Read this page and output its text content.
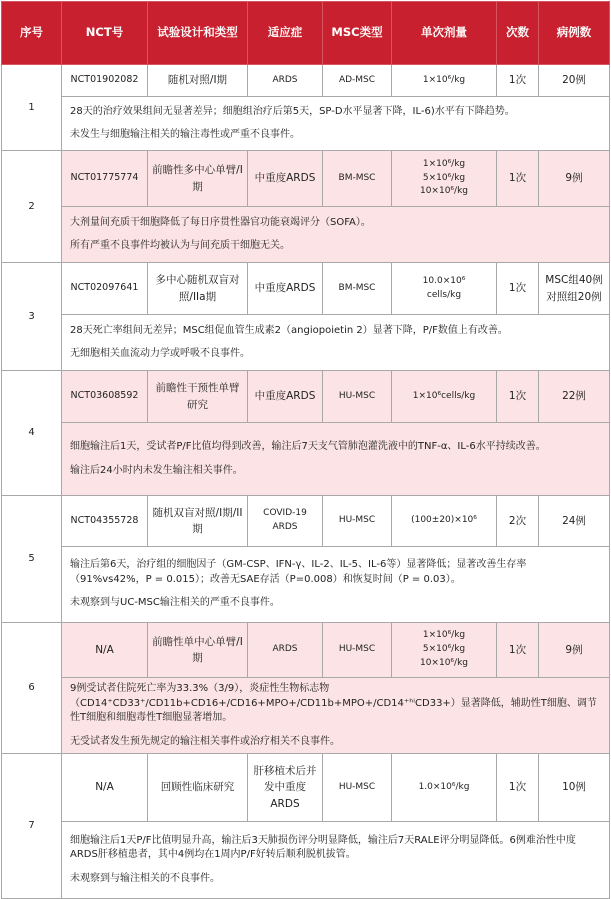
序号	NCT号	试验设计和类型	适应症	MSC类型	单次剂量	次数	病例数
1	NCT01902082	随机对照/I期	ARDS	AD-MSC	1×10⁶/kg	1次	20例

	28天的治疗效果组间无显著差异；细胞组治疗后第5天，SP-D水平显著下降，IL-6)水平有下降趋势。

未发生与细胞输注相关的输注毒性或严重不良事件。						

2	NCT01775774	前瞻性多中心单臂/I期	中重度ARDS	BM-MSC	1×10⁶/kg
5×10⁶/kg
10×10⁶/kg	1次	9例

	大剂量间充质干细胞降低了每日序贯性器官功能衰竭评分（SOFA）。

所有严重不良事件均被认为与间充质干细胞无关。						

3	NCT02097641	多中心随机双盲对照/IIa期	中重度ARDS	BM-MSC	10.0×10⁶
cells/kg	1次	MSC组40例 对照组20例

	28天死亡率组间无差异；MSC组促血管生成素2（angiopoietin 2）显著下降，P/F数值上有改善。

无细胞相关血流动力学或呼吸不良事件。						

4	NCT03608592	前瞻性干预性单臂研究	中重度ARDS	HU-MSC	1×10⁶cells/kg	1次	22例

	细胞输注后1天，受试者P/F比值均得到改善，输注后7天支气管肺泡灌洗液中的TNF-α、IL-6水平持续改善。

输注后24小时内未发生输注相关事件。						

5	NCT04355728	随机双盲对照/I期/II期	COVID-19 ARDS	HU-MSC	(100±20)×10⁶	2次	24例

	输注后第6天，治疗组的细胞因子（GM-CSP、IFN-γ、IL-2、IL-5、IL-6等）显著降低；显著改善生存率（91%vs42%，P = 0.015）；改善无SAE存活（P=0.008）和恢复时间（P = 0.03）。

未观察到与UC-MSC输注相关的严重不良事件。						

6	N/A	前瞻性单中心单臂/I期	ARDS	HU-MSC	1×10⁶/kg
5×10⁶/kg
10×10⁶/kg	1次	9例

	9例受试者住院死亡率为33.3%（3/9），炎症性生物标志物（CD14⁺CD33⁺/CD11b+CD16+/CD16+MPO+/CD11b+MPO+/CD14⁺ʰⁱCD33+）显著降低，辅助性T细胞、调节性T细胞和细胞毒性T细胞显著增加。

无受试者发生预先规定的输注相关事件或治疗相关不良事件。						

7	N/A	回顾性临床研究	肝移植术后并发中重度ARDS	HU-MSC	1.0×10⁶/kg	1次	10例

	细胞输注后1天P/F比值明显升高，输注后3天肺损伤评分明显降低，输注后7天RALE评分明显降低。6例难治性中度ARDS肝移植患者，其中4例均在1周内P/F好转后顺利脱机拔管。

未观察到与输注相关的不良事件。						
